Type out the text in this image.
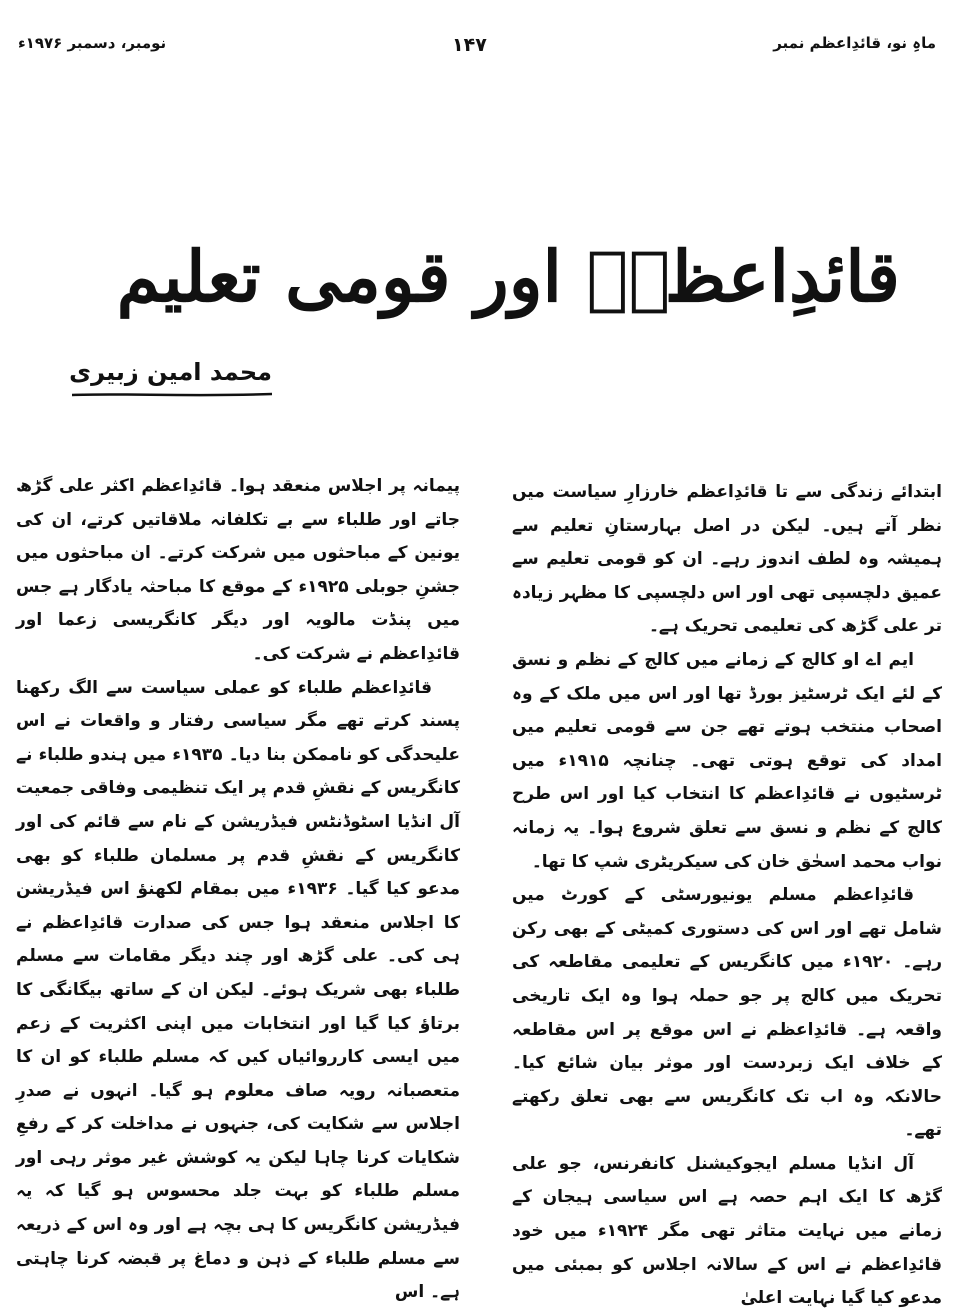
ماہِ نو، قائدِاعظم نمبر
۱۴۷
نومبر، دسمبر ۱۹۷۶ء
قائدِاعظمؒ اور قومی تعلیم
محمد امین زبیری

ابتدائے زندگی سے تا قائدِاعظم خارزارِ سیاست میں نظر آتے ہیں۔ لیکن در اصل بہارستانِ تعلیم سے ہمیشہ وہ لطف اندوز رہے۔ ان کو قومی تعلیم سے عمیق دلچسپی تھی اور اس دلچسپی کا مظہر زیادہ تر علی گڑھ کی تعلیمی تحریک ہے۔

ایم اے او کالج کے زمانے میں کالج کے نظم و نسق کے لئے ایک ٹرسٹیز بورڈ تھا اور اس میں ملک کے وہ اصحاب منتخب ہوتے تھے جن سے قومی تعلیم میں امداد کی توقع ہوتی تھی۔ چنانچہ ۱۹۱۵ء میں ٹرسٹیوں نے قائدِاعظم کا انتخاب کیا اور اس طرح کالج کے نظم و نسق سے تعلق شروع ہوا۔ یہ زمانہ نواب محمد اسحٰق خان کی سیکریٹری شپ کا تھا۔

قائدِاعظم مسلم یونیورسٹی کے کورٹ میں شامل تھے اور اس کی دستوری کمیٹی کے بھی رکن رہے۔ ۱۹۲۰ء میں کانگریس کے تعلیمی مقاطعہ کی تحریک میں کالج پر جو حملہ ہوا وہ ایک تاریخی واقعہ ہے۔ قائدِاعظم نے اس موقع پر اس مقاطعہ کے خلاف ایک زبردست اور موثر بیان شائع کیا۔ حالانکہ وہ اب تک کانگریس سے بھی تعلق رکھتے تھے۔

آل انڈیا مسلم ایجوکیشنل کانفرنس، جو علی گڑھ کا ایک اہم حصہ ہے اس سیاسی ہیجان کے زمانے میں نہایت متاثر تھی مگر ۱۹۲۴ء میں خود قائدِاعظم نے اس کے سالانہ اجلاس کو بمبئی میں مدعو کیا گیا نہایت اعلیٰ

پیمانہ پر اجلاس منعقد ہوا۔ قائدِاعظم اکثر علی گڑھ جاتے اور طلباء سے بے تکلفانہ ملاقاتیں کرتے، ان کی یونین کے مباحثوں میں شرکت کرتے۔ ان مباحثوں میں جشنِ جوبلی ۱۹۲۵ء کے موقع کا مباحثہ یادگار ہے جس میں پنڈت مالویہ اور دیگر کانگریسی زعما اور قائدِاعظم نے شرکت کی۔

قائدِاعظم طلباء کو عملی سیاست سے الگ رکھنا پسند کرتے تھے مگر سیاسی رفتار و واقعات نے اس علیحدگی کو ناممکن بنا دیا۔ ۱۹۳۵ء میں ہندو طلباء نے کانگریس کے نقشِ قدم پر ایک تنظیمی وفاقی جمعیت آل انڈیا اسٹوڈنٹس فیڈریشن کے نام سے قائم کی اور کانگریس کے نقشِ قدم پر مسلمان طلباء کو بھی مدعو کیا گیا۔ ۱۹۳۶ء میں بمقام لکھنؤ اس فیڈریشن کا اجلاس منعقد ہوا جس کی صدارت قائدِاعظم نے ہی کی۔ علی گڑھ اور چند دیگر مقامات سے مسلم طلباء بھی شریک ہوئے۔ لیکن ان کے ساتھ بیگانگی کا برتاؤ کیا گیا اور انتخابات میں اپنی اکثریت کے زعم میں ایسی کارروائیاں کیں کہ مسلم طلباء کو ان کا متعصبانہ رویہ صاف معلوم ہو گیا۔ انہوں نے صدرِ اجلاس سے شکایت کی، جنہوں نے مداخلت کر کے رفعِ شکایات کرنا چاہا لیکن یہ کوشش غیر موثر رہی اور مسلم طلباء کو بہت جلد محسوس ہو گیا کہ یہ فیڈریشن کانگریس کا ہی بچہ ہے اور وہ اس کے ذریعہ سے مسلم طلباء کے ذہن و دماغ پر قبضہ کرنا چاہتی ہے۔ اس
